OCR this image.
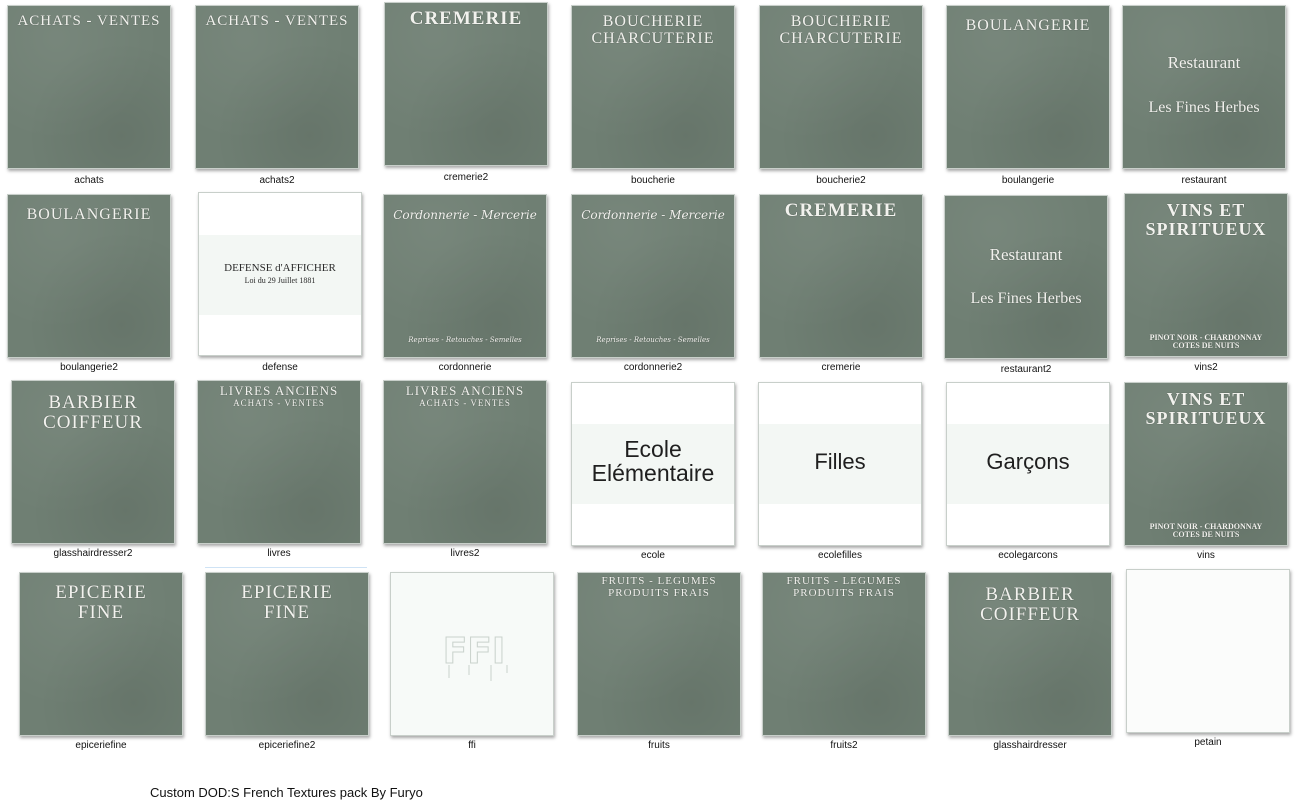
ACHATS - VENTES
achats
ACHATS - VENTES
achats2
CREMERIE
cremerie2
BOUCHERIE
CHARCUTERIE
boucherie
BOUCHERIE
CHARCUTERIE
boucherie2
BOULANGERIE
boulangerie
Restaurant
Les Fines Herbes
restaurant
BOULANGERIE
boulangerie2
DEFENSE d'AFFICHER
Loi du 29 Juillet 1881
defense
Cordonnerie - Mercerie
Reprises - Retouches - Semelles
cordonnerie
Cordonnerie - Mercerie
Reprises - Retouches - Semelles
cordonnerie2
CREMERIE
cremerie
Restaurant
Les Fines Herbes
restaurant2
VINS ET
SPIRITUEUX
PINOT NOIR - CHARDONNAY
COTES DE NUITS
vins2
BARBIER
COIFFEUR
glasshairdresser2
LIVRES ANCIENS
ACHATS - VENTES
livres
LIVRES ANCIENS
ACHATS - VENTES
livres2
Ecole
Elémentaire
ecole
Filles
ecolefilles
Garçons
ecolegarcons
VINS ET
SPIRITUEUX
PINOT NOIR - CHARDONNAY
COTES DE NUITS
vins
EPICERIE
FINE
epiceriefine
EPICERIE
FINE
epiceriefine2
FFI
ffi
FRUITS - LEGUMES
PRODUITS FRAIS
fruits
FRUITS - LEGUMES
PRODUITS FRAIS
fruits2
BARBIER
COIFFEUR
glasshairdresser	petain
Custom DOD:S French Textures pack By Furyo
